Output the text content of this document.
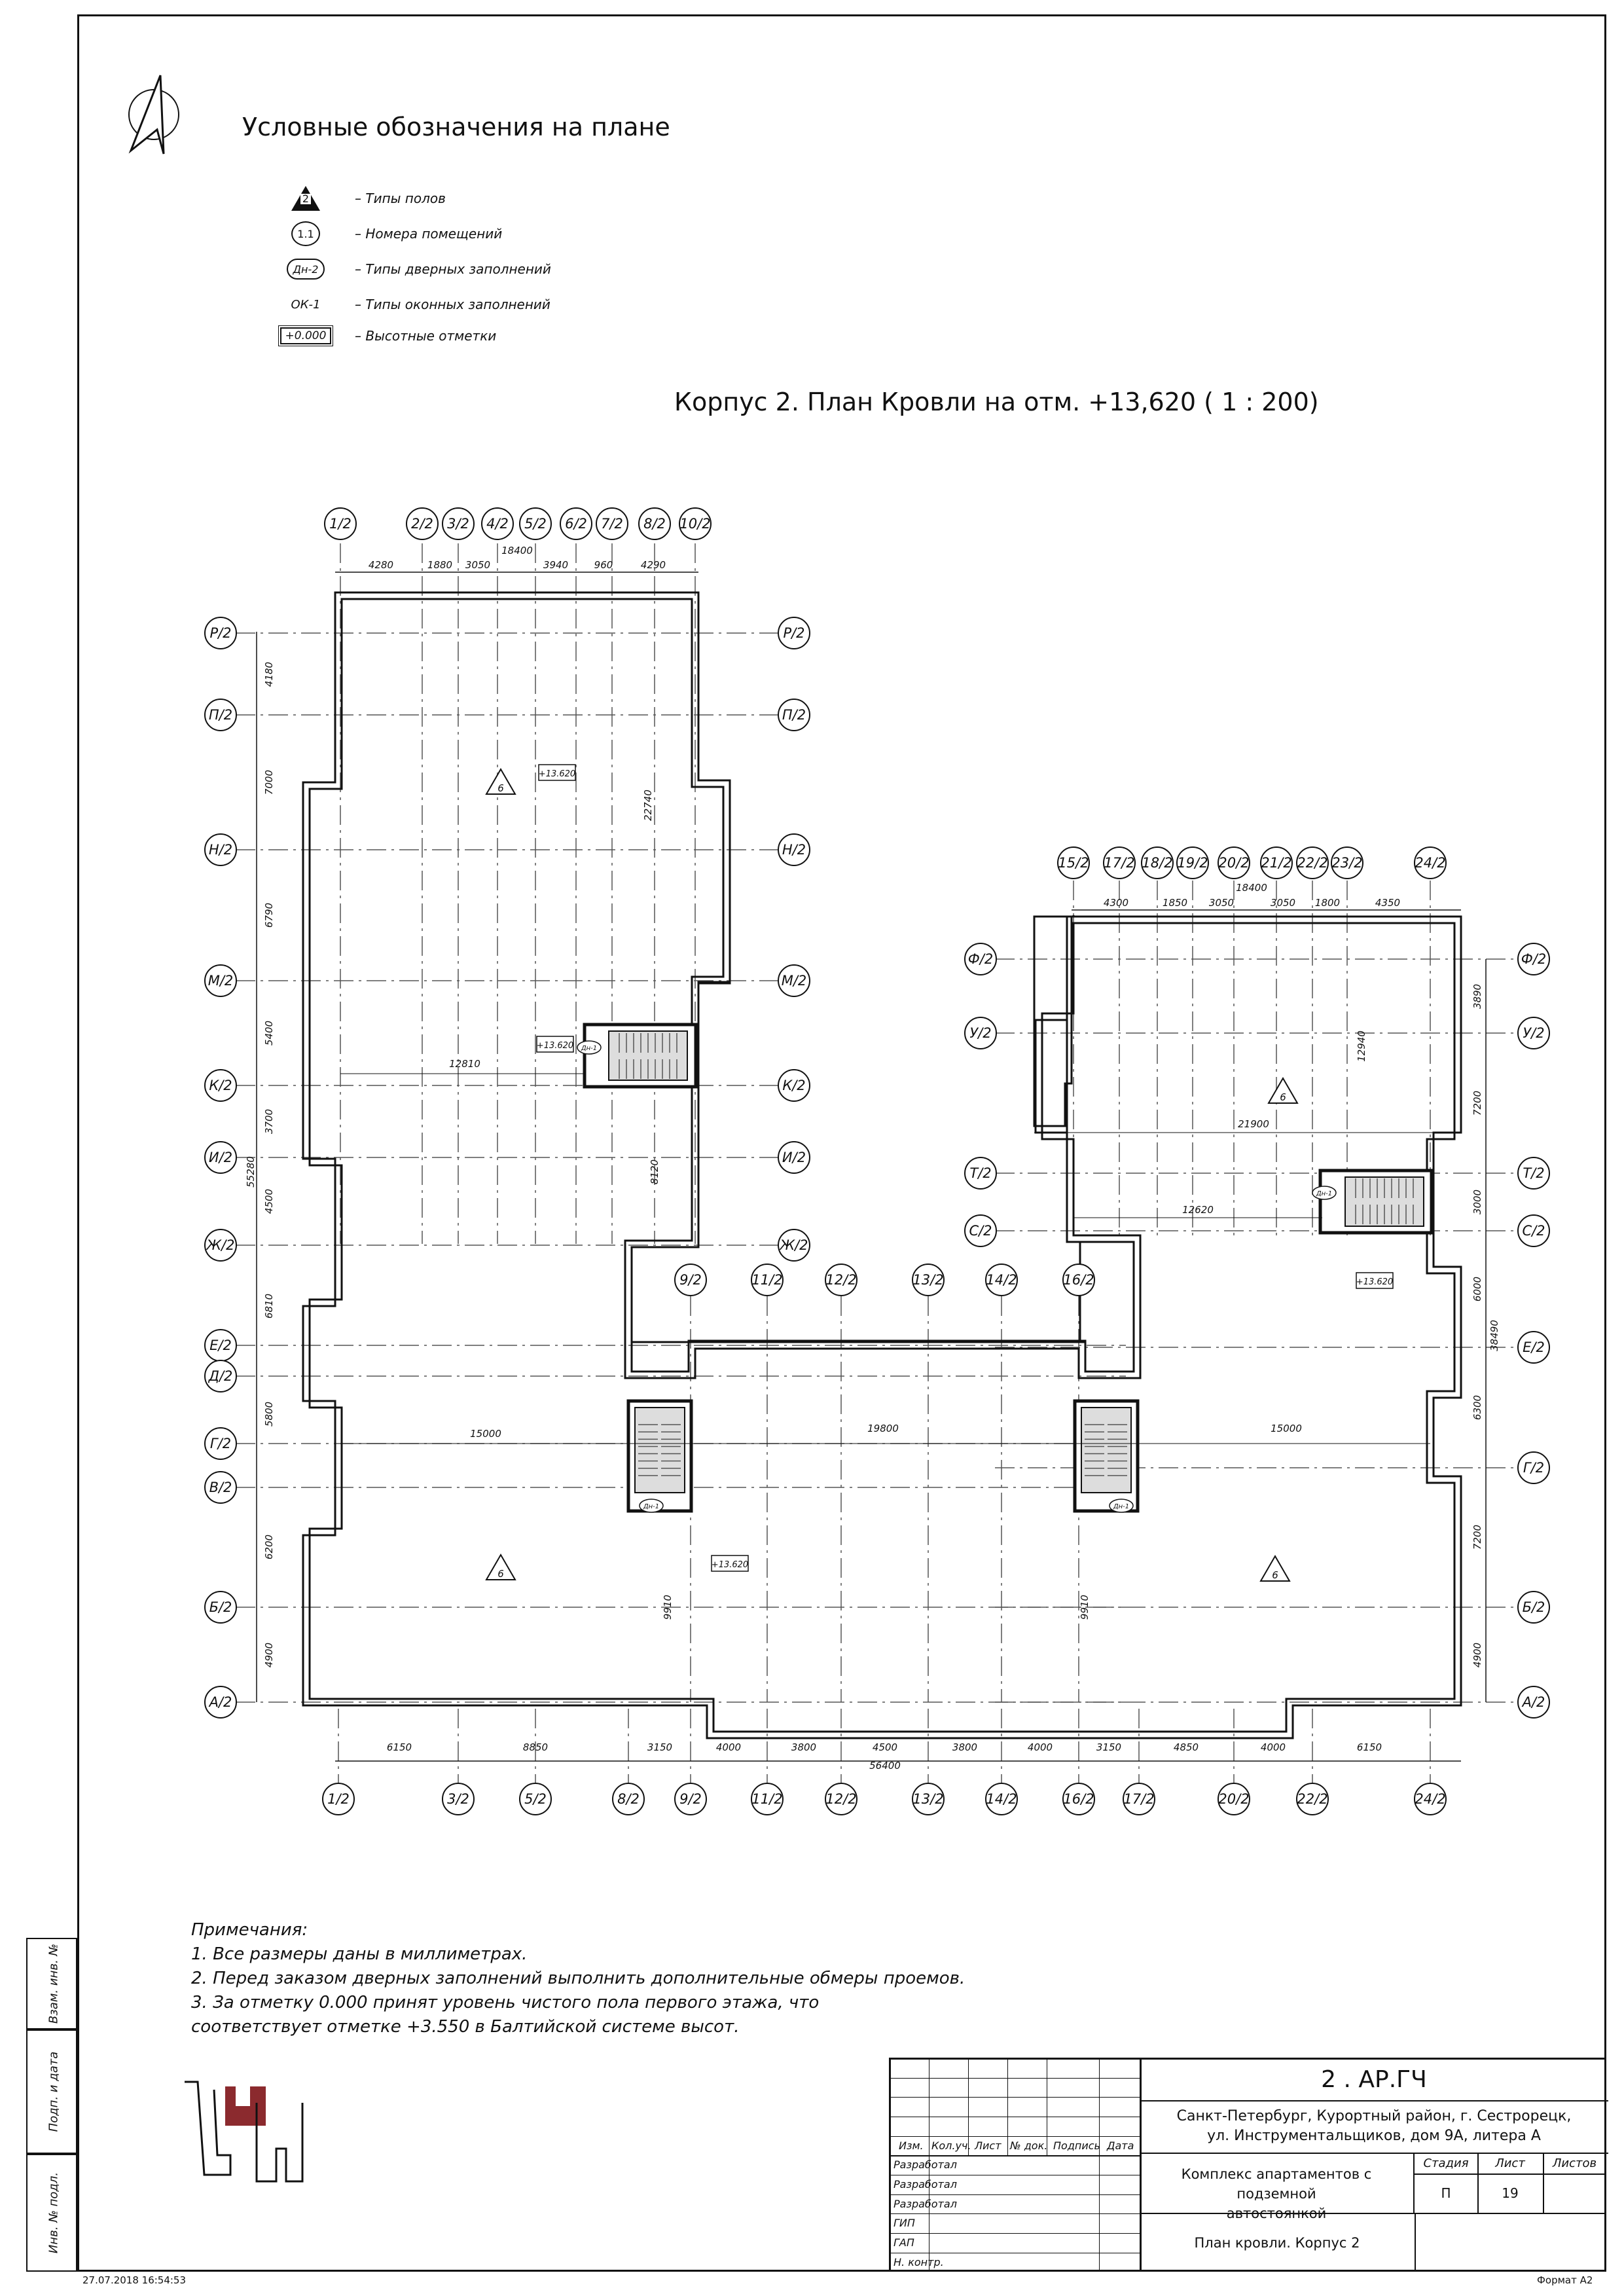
Условные обозначения на плане
2	– Типы полов
1.1	– Номера помещений
Дн-2	– Типы дверных заполнений
ОК-1	– Типы оконных заполнений
+0.000	– Высотные отметки
Корпус 2. План Кровли на отм. +13,620 ( 1 : 200)
4280	1880 3050	3940	960	4290
18400
4300	1850 3050	3050 1800	4350
18400
6150	8850	3150	4000	3800	4500	3800	4000	3150	4850	4000	6150
56400
4180
7000
6790
5400
3700
4500
6810
5800
6200
4900
55280
3890
7200
3000
6000
6300
7200
4900
38490
1/2	2/2 3/2 4/2 5/2 6/2 7/2 8/2 10/2
15/2 17/2 18/2 19/2 20/2 21/2 22/2 23/2	24/2
9/2	11/2	12/2	13/2	14/2	16/2
1/2	3/2	5/2	8/2	9/2	11/2	12/2	13/2	14/2	16/2 17/2	20/2	22/2	24/2
Р/2
П/2
Н/2
М/2
К/2
И/2
Ж/2
Е/2
Д/2
Г/2
В/2
Б/2
А/2
Р/2
П/2
Н/2
М/2
К/2
И/2
Ж/2
Ф/2
У/2
Т/2
С/2
Е/2
Г/2
Б/2
А/2
Ф/2
У/2
Т/2
С/2
22740
12810
8120
12940
21900
12620
15000	19800	15000
9910	9910
6
6
6
6
+13.620
+13.620
+13.620
+13.620
Дн-1
Дн-1	Дн-1
Дн-1
Примечания:
1. Все размеры даны в миллиметрах.
2. Перед заказом дверных заполнений выполнить дополнительные обмеры проемов.
3. За отметку 0.000 принят уровень чистого пола первого этажа, что
соответствует отметке +3.550 в Балтийской системе высот.
Взам. инв. №
Подп. и дата
Инв. № подл.
Изм. Кол.уч. Лист № док. Подпись Дата
Разработал
Разработал
Разработал
ГИП
ГАП
Н. контр.
2 . АР.ГЧ
Санкт-Петербург, Курортный район, г. Сестрорецк,
ул. Инструментальщиков, дом 9А, литера А
Комплекс апартаментов с подземной
автостоянкой
План кровли. Корпус 2
Стадия	Лист	Листов
П	19
27.07.2018 16:54:53	Формат А2
